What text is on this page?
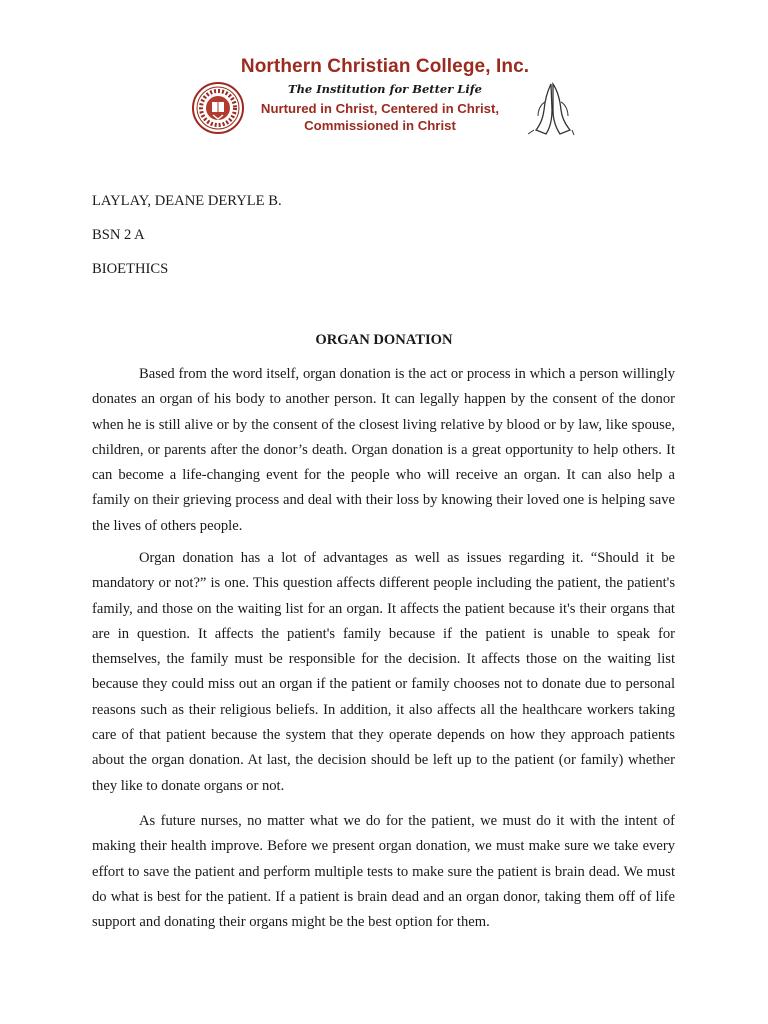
Northern Christian College, Inc.
The Institution for Better Life
Nurtured in Christ, Centered in Christ,
Commissioned in Christ
LAYLAY, DEANE DERYLE B.
BSN 2 A
BIOETHICS
ORGAN DONATION

Based from the word itself, organ donation is the act or process in which a person willingly donates an organ of his body to another person. It can legally happen by the consent of the donor when he is still alive or by the consent of the closest living relative by blood or by law, like spouse, children, or parents after the donor’s death. Organ donation is a great opportunity to help others. It can become a life-changing event for the people who will receive an organ. It can also help a family on their grieving process and deal with their loss by knowing their loved one is helping save the lives of others people.

Organ donation has a lot of advantages as well as issues regarding it. “Should it be mandatory or not?” is one. This question affects different people including the patient, the patient's family, and those on the waiting list for an organ. It affects the patient because it's their organs that are in question. It affects the patient's family because if the patient is unable to speak for themselves, the family must be responsible for the decision. It affects those on the waiting list because they could miss out an organ if the patient or family chooses not to donate due to personal reasons such as their religious beliefs. In addition, it also affects all the healthcare workers taking care of that patient because the system that they operate depends on how they approach patients about the organ donation. At last, the decision should be left up to the patient (or family) whether they like to donate organs or not.

As future nurses, no matter what we do for the patient, we must do it with the intent of making their health improve. Before we present organ donation, we must make sure we take every effort to save the patient and perform multiple tests to make sure the patient is brain dead. We must do what is best for the patient. If a patient is brain dead and an organ donor, taking them off of life support and donating their organs might be the best option for them.
